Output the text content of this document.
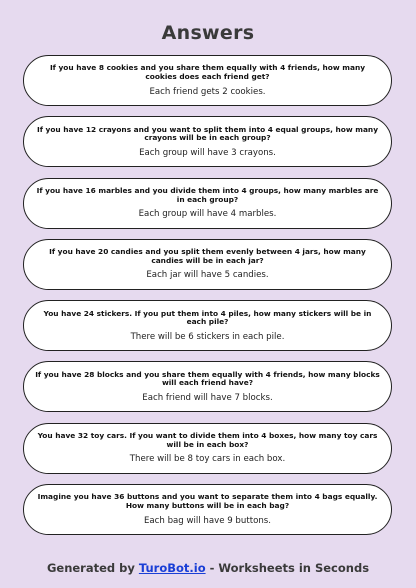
Answers
If you have 8 cookies and you share them equally with 4 friends, how many cookies does each friend get?
Each friend gets 2 cookies.
If you have 12 crayons and you want to split them into 4 equal groups, how many crayons will be in each group?
Each group will have 3 crayons.
If you have 16 marbles and you divide them into 4 groups, how many marbles are in each group?
Each group will have 4 marbles.
If you have 20 candies and you split them evenly between 4 jars, how many candies will be in each jar?
Each jar will have 5 candies.
You have 24 stickers. If you put them into 4 piles, how many stickers will be in each pile?
There will be 6 stickers in each pile.
If you have 28 blocks and you share them equally with 4 friends, how many blocks will each friend have?
Each friend will have 7 blocks.
You have 32 toy cars. If you want to divide them into 4 boxes, how many toy cars will be in each box?
There will be 8 toy cars in each box.
Imagine you have 36 buttons and you want to separate them into 4 bags equally. How many buttons will be in each bag?
Each bag will have 9 buttons.
Generated by TuroBot.io - Worksheets in Seconds
